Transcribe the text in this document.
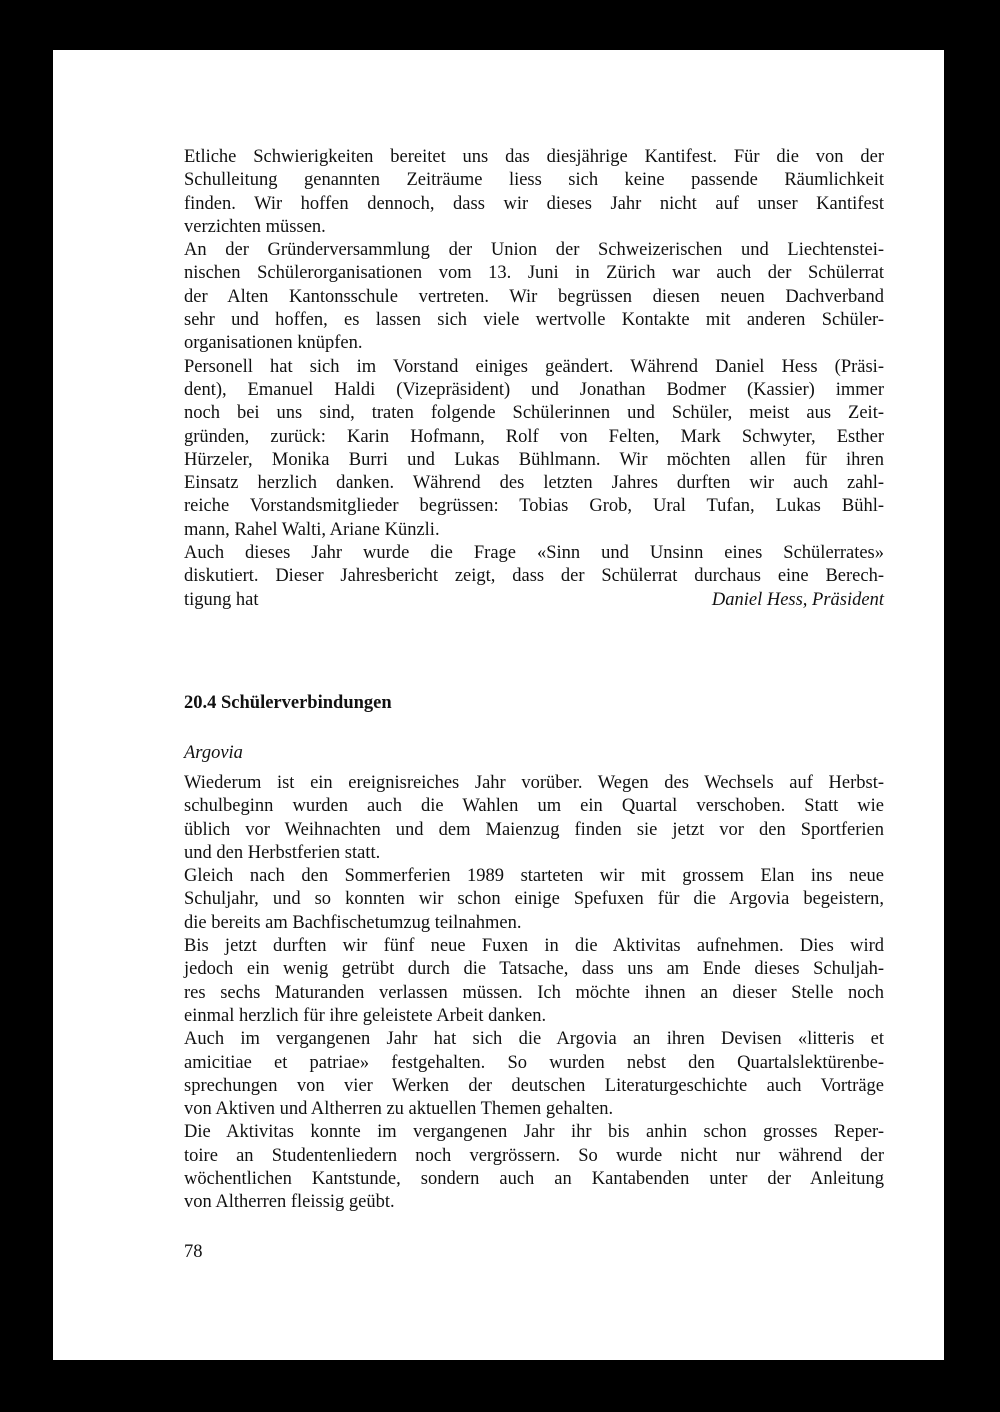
Etliche Schwierigkeiten bereitet uns das diesjährige Kantifest. Für die von der
Schulleitung genannten Zeiträume liess sich keine passende Räumlichkeit
finden. Wir hoffen dennoch, dass wir dieses Jahr nicht auf unser Kantifest
verzichten müssen.
An der Gründerversammlung der Union der Schweizerischen und Liechtenstei-
nischen Schülerorganisationen vom 13. Juni in Zürich war auch der Schülerrat
der Alten Kantonsschule vertreten. Wir begrüssen diesen neuen Dachverband
sehr und hoffen, es lassen sich viele wertvolle Kontakte mit anderen Schüler-
organisationen knüpfen.
Personell hat sich im Vorstand einiges geändert. Während Daniel Hess (Präsi-
dent), Emanuel Haldi (Vizepräsident) und Jonathan Bodmer (Kassier) immer
noch bei uns sind, traten folgende Schülerinnen und Schüler, meist aus Zeit-
gründen, zurück: Karin Hofmann, Rolf von Felten, Mark Schwyter, Esther
Hürzeler, Monika Burri und Lukas Bühlmann. Wir möchten allen für ihren
Einsatz herzlich danken. Während des letzten Jahres durften wir auch zahl-
reiche Vorstandsmitglieder begrüssen: Tobias Grob, Ural Tufan, Lukas Bühl-
mann, Rahel Walti, Ariane Künzli.
Auch dieses Jahr wurde die Frage «Sinn und Unsinn eines Schülerrates»
diskutiert. Dieser Jahresbericht zeigt, dass der Schülerrat durchaus eine Berech-
tigung hat	Daniel Hess, Präsident
20.4 Schülerverbindungen
Argovia
Wiederum ist ein ereignisreiches Jahr vorüber. Wegen des Wechsels auf Herbst-
schulbeginn wurden auch die Wahlen um ein Quartal verschoben. Statt wie
üblich vor Weihnachten und dem Maienzug finden sie jetzt vor den Sportferien
und den Herbstferien statt.
Gleich nach den Sommerferien 1989 starteten wir mit grossem Elan ins neue
Schuljahr, und so konnten wir schon einige Spefuxen für die Argovia begeistern,
die bereits am Bachfischetumzug teilnahmen.
Bis jetzt durften wir fünf neue Fuxen in die Aktivitas aufnehmen. Dies wird
jedoch ein wenig getrübt durch die Tatsache, dass uns am Ende dieses Schuljah-
res sechs Maturanden verlassen müssen. Ich möchte ihnen an dieser Stelle noch
einmal herzlich für ihre geleistete Arbeit danken.
Auch im vergangenen Jahr hat sich die Argovia an ihren Devisen «litteris et
amicitiae et patriae» festgehalten. So wurden nebst den Quartalslektürenbe-
sprechungen von vier Werken der deutschen Literaturgeschichte auch Vorträge
von Aktiven und Altherren zu aktuellen Themen gehalten.
Die Aktivitas konnte im vergangenen Jahr ihr bis anhin schon grosses Reper-
toire an Studentenliedern noch vergrössern. So wurde nicht nur während der
wöchentlichen Kantstunde, sondern auch an Kantabenden unter der Anleitung
von Altherren fleissig geübt.
78
